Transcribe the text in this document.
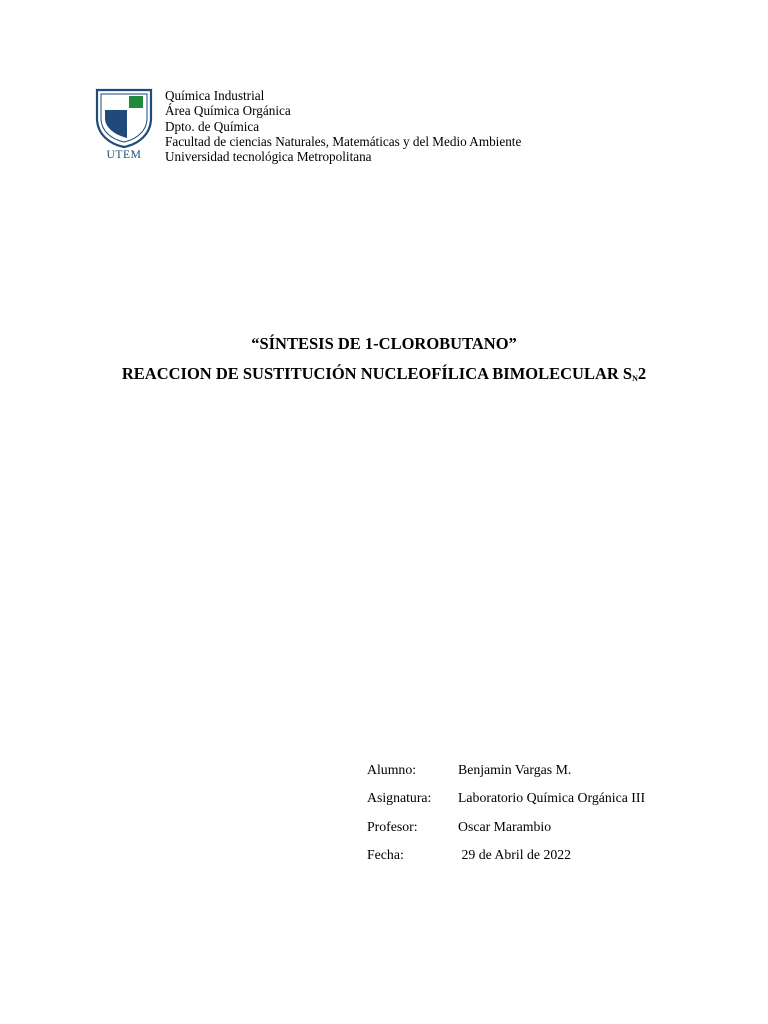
UTEM
Química Industrial
Área Química Orgánica
Dpto. de Química
Facultad de ciencias Naturales, Matemáticas y del Medio Ambiente
Universidad tecnológica Metropolitana
“SÍNTESIS DE 1-CLOROBUTANO”
REACCION DE SUSTITUCIÓN NUCLEOFÍLICA BIMOLECULAR $S_N2$
Alumno:	Benjamin Vargas M.
Asignatura:	Laboratorio Química Orgánica III
Profesor:	Oscar Marambio
Fecha:	29 de Abril de 2022
